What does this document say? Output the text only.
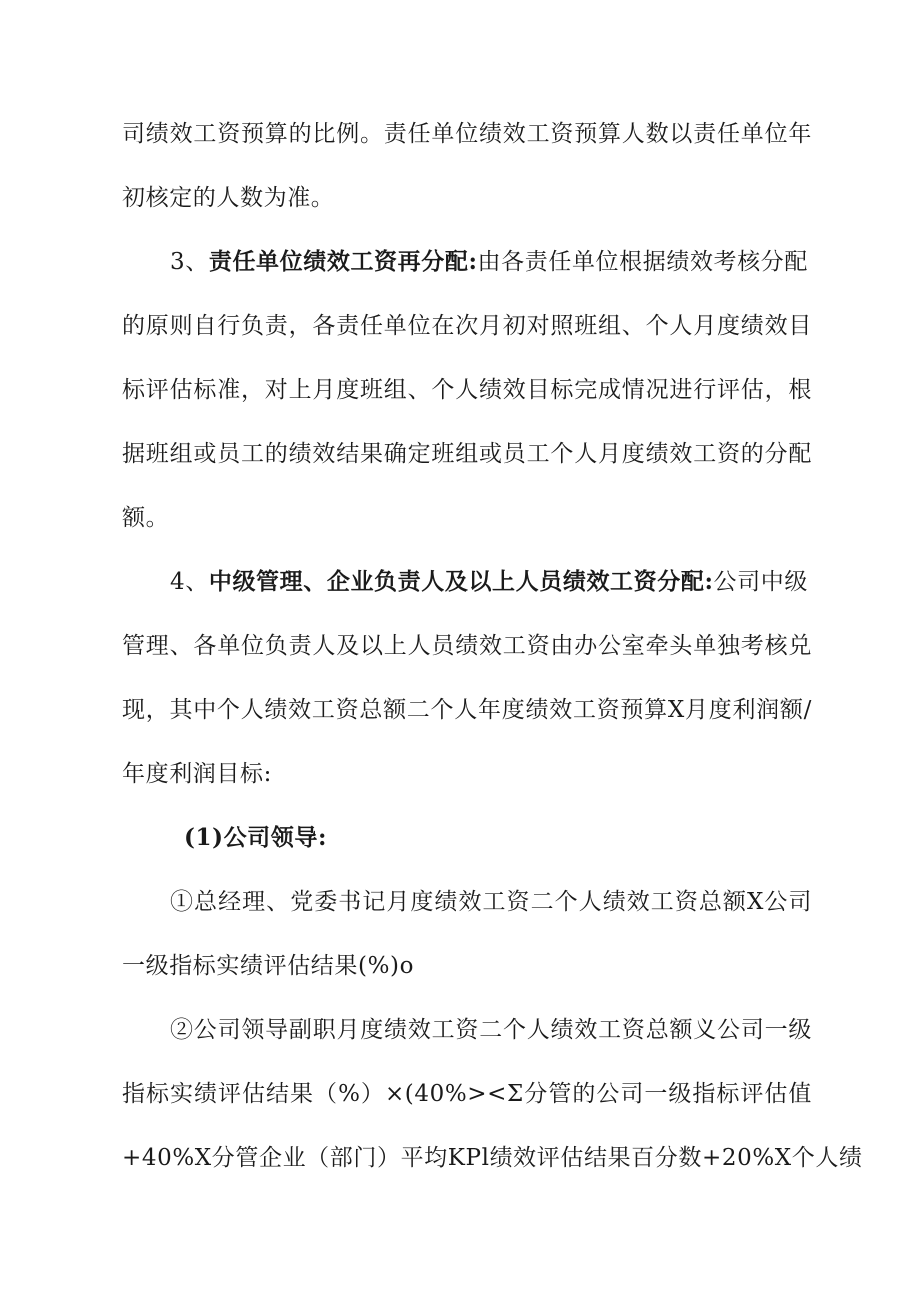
司绩效工资预算的比例。责任单位绩效工资预算人数以责任单位年
初核定的人数为准。
3、责任单位绩效工资再分配:由各责任单位根据绩效考核分配
的原则自行负责，各责任单位在次月初对照班组、个人月度绩效目
标评估标准，对上月度班组、个人绩效目标完成情况进行评估，根
据班组或员工的绩效结果确定班组或员工个人月度绩效工资的分配
额。
4、中级管理、企业负责人及以上人员绩效工资分配:公司中级
管理、各单位负责人及以上人员绩效工资由办公室牵头单独考核兑
现，其中个人绩效工资总额二个人年度绩效工资预算X月度利润额/
年度利润目标:
(1)公司领导:
①总经理、党委书记月度绩效工资二个人绩效工资总额X公司
一级指标实绩评估结果(%)o
②公司领导副职月度绩效工资二个人绩效工资总额义公司一级
指标实绩评估结果（%）×(40%><Σ分管的公司一级指标评估值
+40%X分管企业（部门）平均KPl绩效评估结果百分数+20%X个人绩
